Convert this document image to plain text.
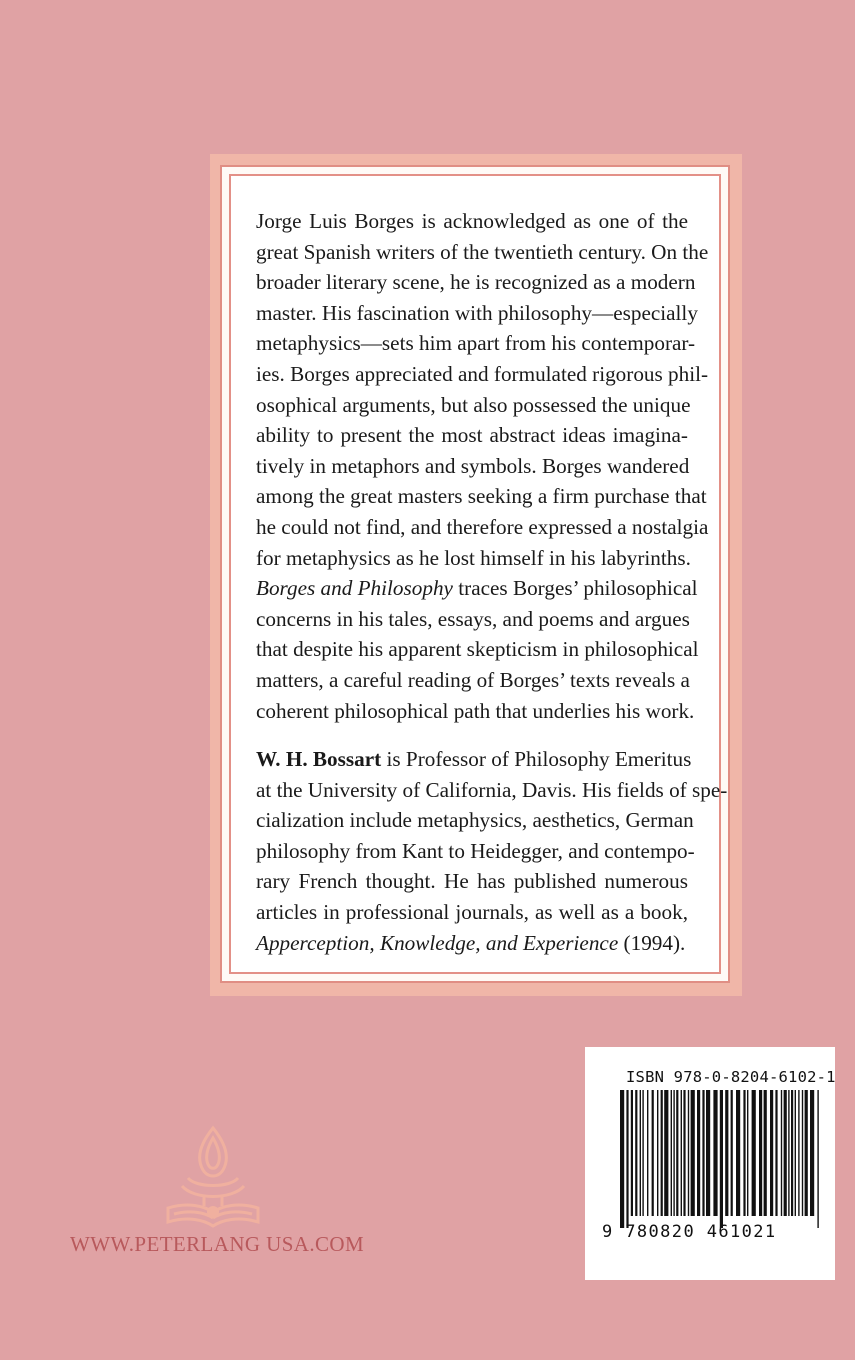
Jorge Luis Borges is acknowledged as one of the
great Spanish writers of the twentieth century. On the
broader literary scene, he is recognized as a modern
master. His fascination with philosophy—especially
metaphysics—sets him apart from his contemporar-
ies. Borges appreciated and formulated rigorous phil-
osophical arguments, but also possessed the unique
ability to present the most abstract ideas imagina-
tively in metaphors and symbols. Borges wandered
among the great masters seeking a firm purchase that
he could not find, and therefore expressed a nostalgia
for metaphysics as he lost himself in his labyrinths.
Borges and Philosophy traces Borges’ philosophical
concerns in his tales, essays, and poems and argues
that despite his apparent skepticism in philosophical
matters, a careful reading of Borges’ texts reveals a
coherent philosophical path that underlies his work.
W. H. Bossart is Professor of Philosophy Emeritus
at the University of California, Davis. His fields of spe-
cialization include metaphysics, aesthetics, German
philosophy from Kant to Heidegger, and contempo-
rary French thought. He has published numerous
articles in professional journals, as well as a book,
Apperception, Knowledge, and Experience (1994).
ISBN 978-0-8204-6102-1
9 780820 461021
WWW.PETERLANG USA.COM
